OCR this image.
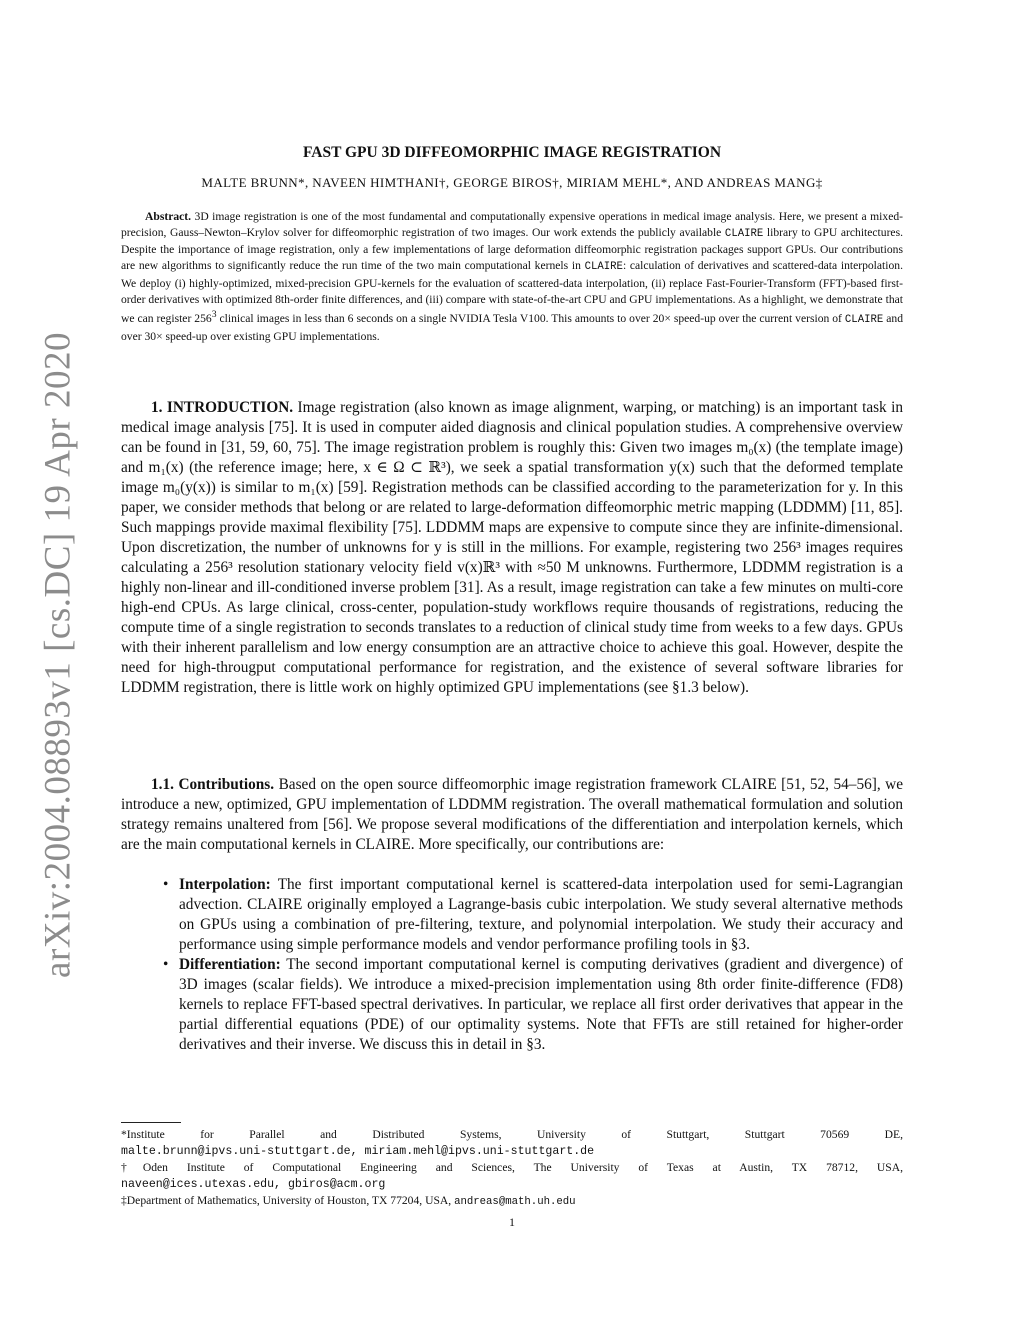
arXiv:2004.08893v1 [cs.DC] 19 Apr 2020
FAST GPU 3D DIFFEOMORPHIC IMAGE REGISTRATION
MALTE BRUNN*, NAVEEN HIMTHANI†, GEORGE BIROS†, MIRIAM MEHL*, AND ANDREAS MANG‡

Abstract. 3D image registration is one of the most fundamental and computationally expensive operations in medical image analysis. Here, we present a mixed-precision, Gauss–Newton–Krylov solver for diffeomorphic registration of two images. Our work extends the publicly available CLAIRE library to GPU architectures. Despite the importance of image registration, only a few implementations of large deformation diffeomorphic registration packages support GPUs. Our contributions are new algorithms to significantly reduce the run time of the two main computational kernels in CLAIRE: calculation of derivatives and scattered-data interpolation. We deploy (i) highly-optimized, mixed-precision GPU-kernels for the evaluation of scattered-data interpolation, (ii) replace Fast-Fourier-Transform (FFT)-based first-order derivatives with optimized 8th-order finite differences, and (iii) compare with state-of-the-art CPU and GPU implementations. As a highlight, we demonstrate that we can register $256^3$ clinical images in less than 6 seconds on a single NVIDIA Tesla V100. This amounts to over 20× speed-up over the current version of CLAIRE and over 30× speed-up over existing GPU implementations.

1. INTRODUCTION. Image registration (also known as image alignment, warping, or matching) is an important task in medical image analysis [75]. It is used in computer aided diagnosis and clinical population studies. A comprehensive overview can be found in [31, 59, 60, 75]. The image registration problem is roughly this: Given two images m₀(x) (the template image) and m₁(x) (the reference image; here, x ∈ Ω ⊂ ℝ³), we seek a spatial transformation y(x) such that the deformed template image m₀(y(x)) is similar to m₁(x) [59]. Registration methods can be classified according to the parameterization for y. In this paper, we consider methods that belong or are related to large-deformation diffeomorphic metric mapping (LDDMM) [11, 85]. Such mappings provide maximal flexibility [75]. LDDMM maps are expensive to compute since they are infinite-dimensional. Upon discretization, the number of unknowns for y is still in the millions. For example, registering two 256³ images requires calculating a 256³ resolution stationary velocity field v(x)ℝ³ with ≈50 M unknowns. Furthermore, LDDMM registration is a highly non-linear and ill-conditioned inverse problem [31]. As a result, image registration can take a few minutes on multi-core high-end CPUs. As large clinical, cross-center, population-study workflows require thousands of registrations, reducing the compute time of a single registration to seconds translates to a reduction of clinical study time from weeks to a few days. GPUs with their inherent parallelism and low energy consumption are an attractive choice to achieve this goal. However, despite the need for high-througput computational performance for registration, and the existence of several software libraries for LDDMM registration, there is little work on highly optimized GPU implementations (see §1.3 below).

1.1. Contributions. Based on the open source diffeomorphic image registration framework CLAIRE [51, 52, 54–56], we introduce a new, optimized, GPU implementation of LDDMM registration. The overall mathematical formulation and solution strategy remains unaltered from [56]. We propose several modifications of the differentiation and interpolation kernels, which are the main computational kernels in CLAIRE. More specifically, our contributions are:

• Interpolation: The first important computational kernel is scattered-data interpolation used for semi-Lagrangian advection. CLAIRE originally employed a Lagrange-basis cubic interpolation. We study several alternative methods on GPUs using a combination of pre-filtering, texture, and polynomial interpolation. We study their accuracy and performance using simple performance models and vendor performance profiling tools in §3.
• Differentiation: The second important computational kernel is computing derivatives (gradient and divergence) of 3D images (scalar fields). We introduce a mixed-precision implementation using 8th order finite-difference (FD8) kernels to replace FFT-based spectral derivatives. In particular, we replace all first order derivatives that appear in the partial differential equations (PDE) of our optimality systems. Note that FFTs are still retained for higher-order derivatives and their inverse. We discuss this in detail in §3.

*Institute for Parallel and Distributed Systems, University of Stuttgart, Stuttgart 70569 DE,

malte.brunn@ipvs.uni-stuttgart.de, miriam.mehl@ipvs.uni-stuttgart.de

†Oden Institute of Computational Engineering and Sciences, The University of Texas at Austin, TX 78712, USA,

naveen@ices.utexas.edu, gbiros@acm.org

‡Department of Mathematics, University of Houston, TX 77204, USA, andreas@math.uh.edu

1
